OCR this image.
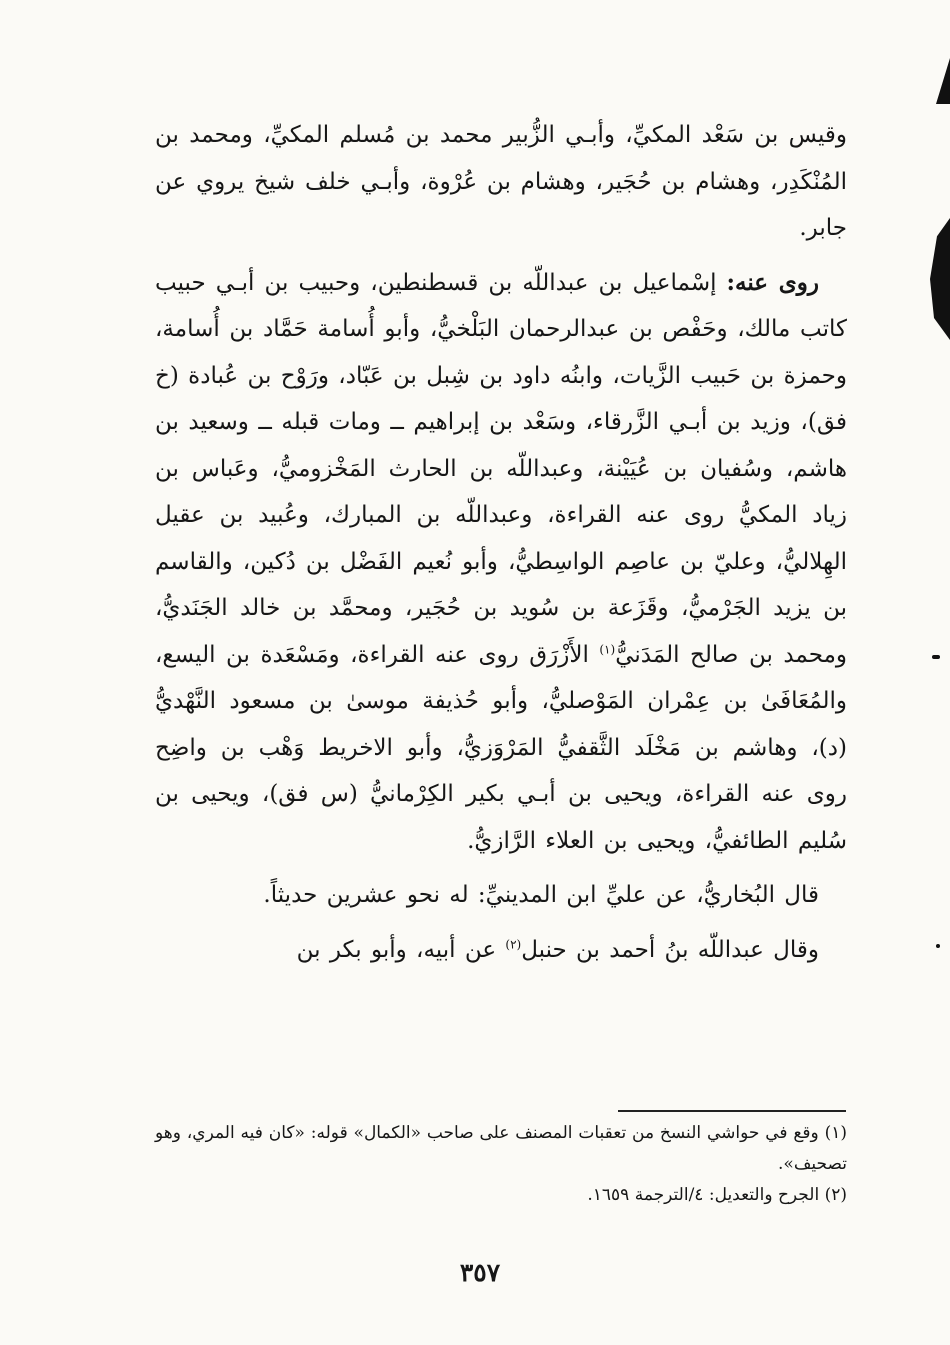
وقيس بن سَعْد المكيِّ، وأبـي الزُّبير محمد بن مُسلم المكيِّ، ومحمد بن المُنْكَدِر، وهشام بن حُجَير، وهشام بن عُرْوة، وأبـي خلف شيخ يروي عن جابر.

روى عنه: إسْماعيل بن عبداللّه بن قسطنطين، وحبيب بن أبـي حبيب كاتب مالك، وحَفْص بن عبدالرحمان البَلْخيُّ، وأبو أُسامة حَمَّاد بن أُسامة، وحمزة بن حَبيب الزَّيات، وابنُه داود بن شِبل بن عَبّاد، ورَوْح بن عُبادة (خ فق)، وزيد بن أبـي الزَّرقاء، وسَعْد بن إبراهيم ــ ومات قبله ــ وسعيد بن هاشم، وسُفيان بن عُيَيْنة، وعبداللّه بن الحارث المَخْزوميُّ، وعَباس بن زياد المكيُّ روى عنه القراءة، وعبداللّه بن المبارك، وعُبيد بن عقيل الهِلاليُّ، وعليّ بن عاصِم الواسِطيُّ، وأبو نُعيم الفَضْل بن دُكين، والقاسم بن يزيد الجَرْميُّ، وقَزَعة بن سُويد بن حُجَير، ومحمَّد بن خالد الجَنَديُّ، ومحمد بن صالح المَدَنيُّ$^{(١)}$ الأَزْرَق روى عنه القراءة، ومَسْعَدة بن اليسع، والمُعَافَىٰ بن عِمْران المَوْصليُّ، وأبو حُذيفة موسىٰ بن مسعود النَّهْديُّ (د)، وهاشم بن مَخْلَد الثَّقفيُّ المَرْوَزيُّ، وأبو الاخريط وَهْب بن واضِح روى عنه القراءة، ويحيى بن أبـي بكير الكِرْمانيُّ (س فق)، ويحيى بن سُليم الطائفيُّ، ويحيى بن العلاء الرَّازيُّ.

قال البُخاريُّ، عن عليِّ ابن المدينيِّ: له نحو عشرين حديثاً.

وقال عبداللّه بنُ أحمد بن حنبل$^{(٢)}$ عن أبيه، وأبو بكر بن

(١) وقع في حواشي النسخ من تعقبات المصنف على صاحب «الكمال» قوله: «كان فيه المري، وهو تصحيف».

(٢) الجرح والتعديل: ٤/الترجمة ١٦٥٩.

٣٥٧
